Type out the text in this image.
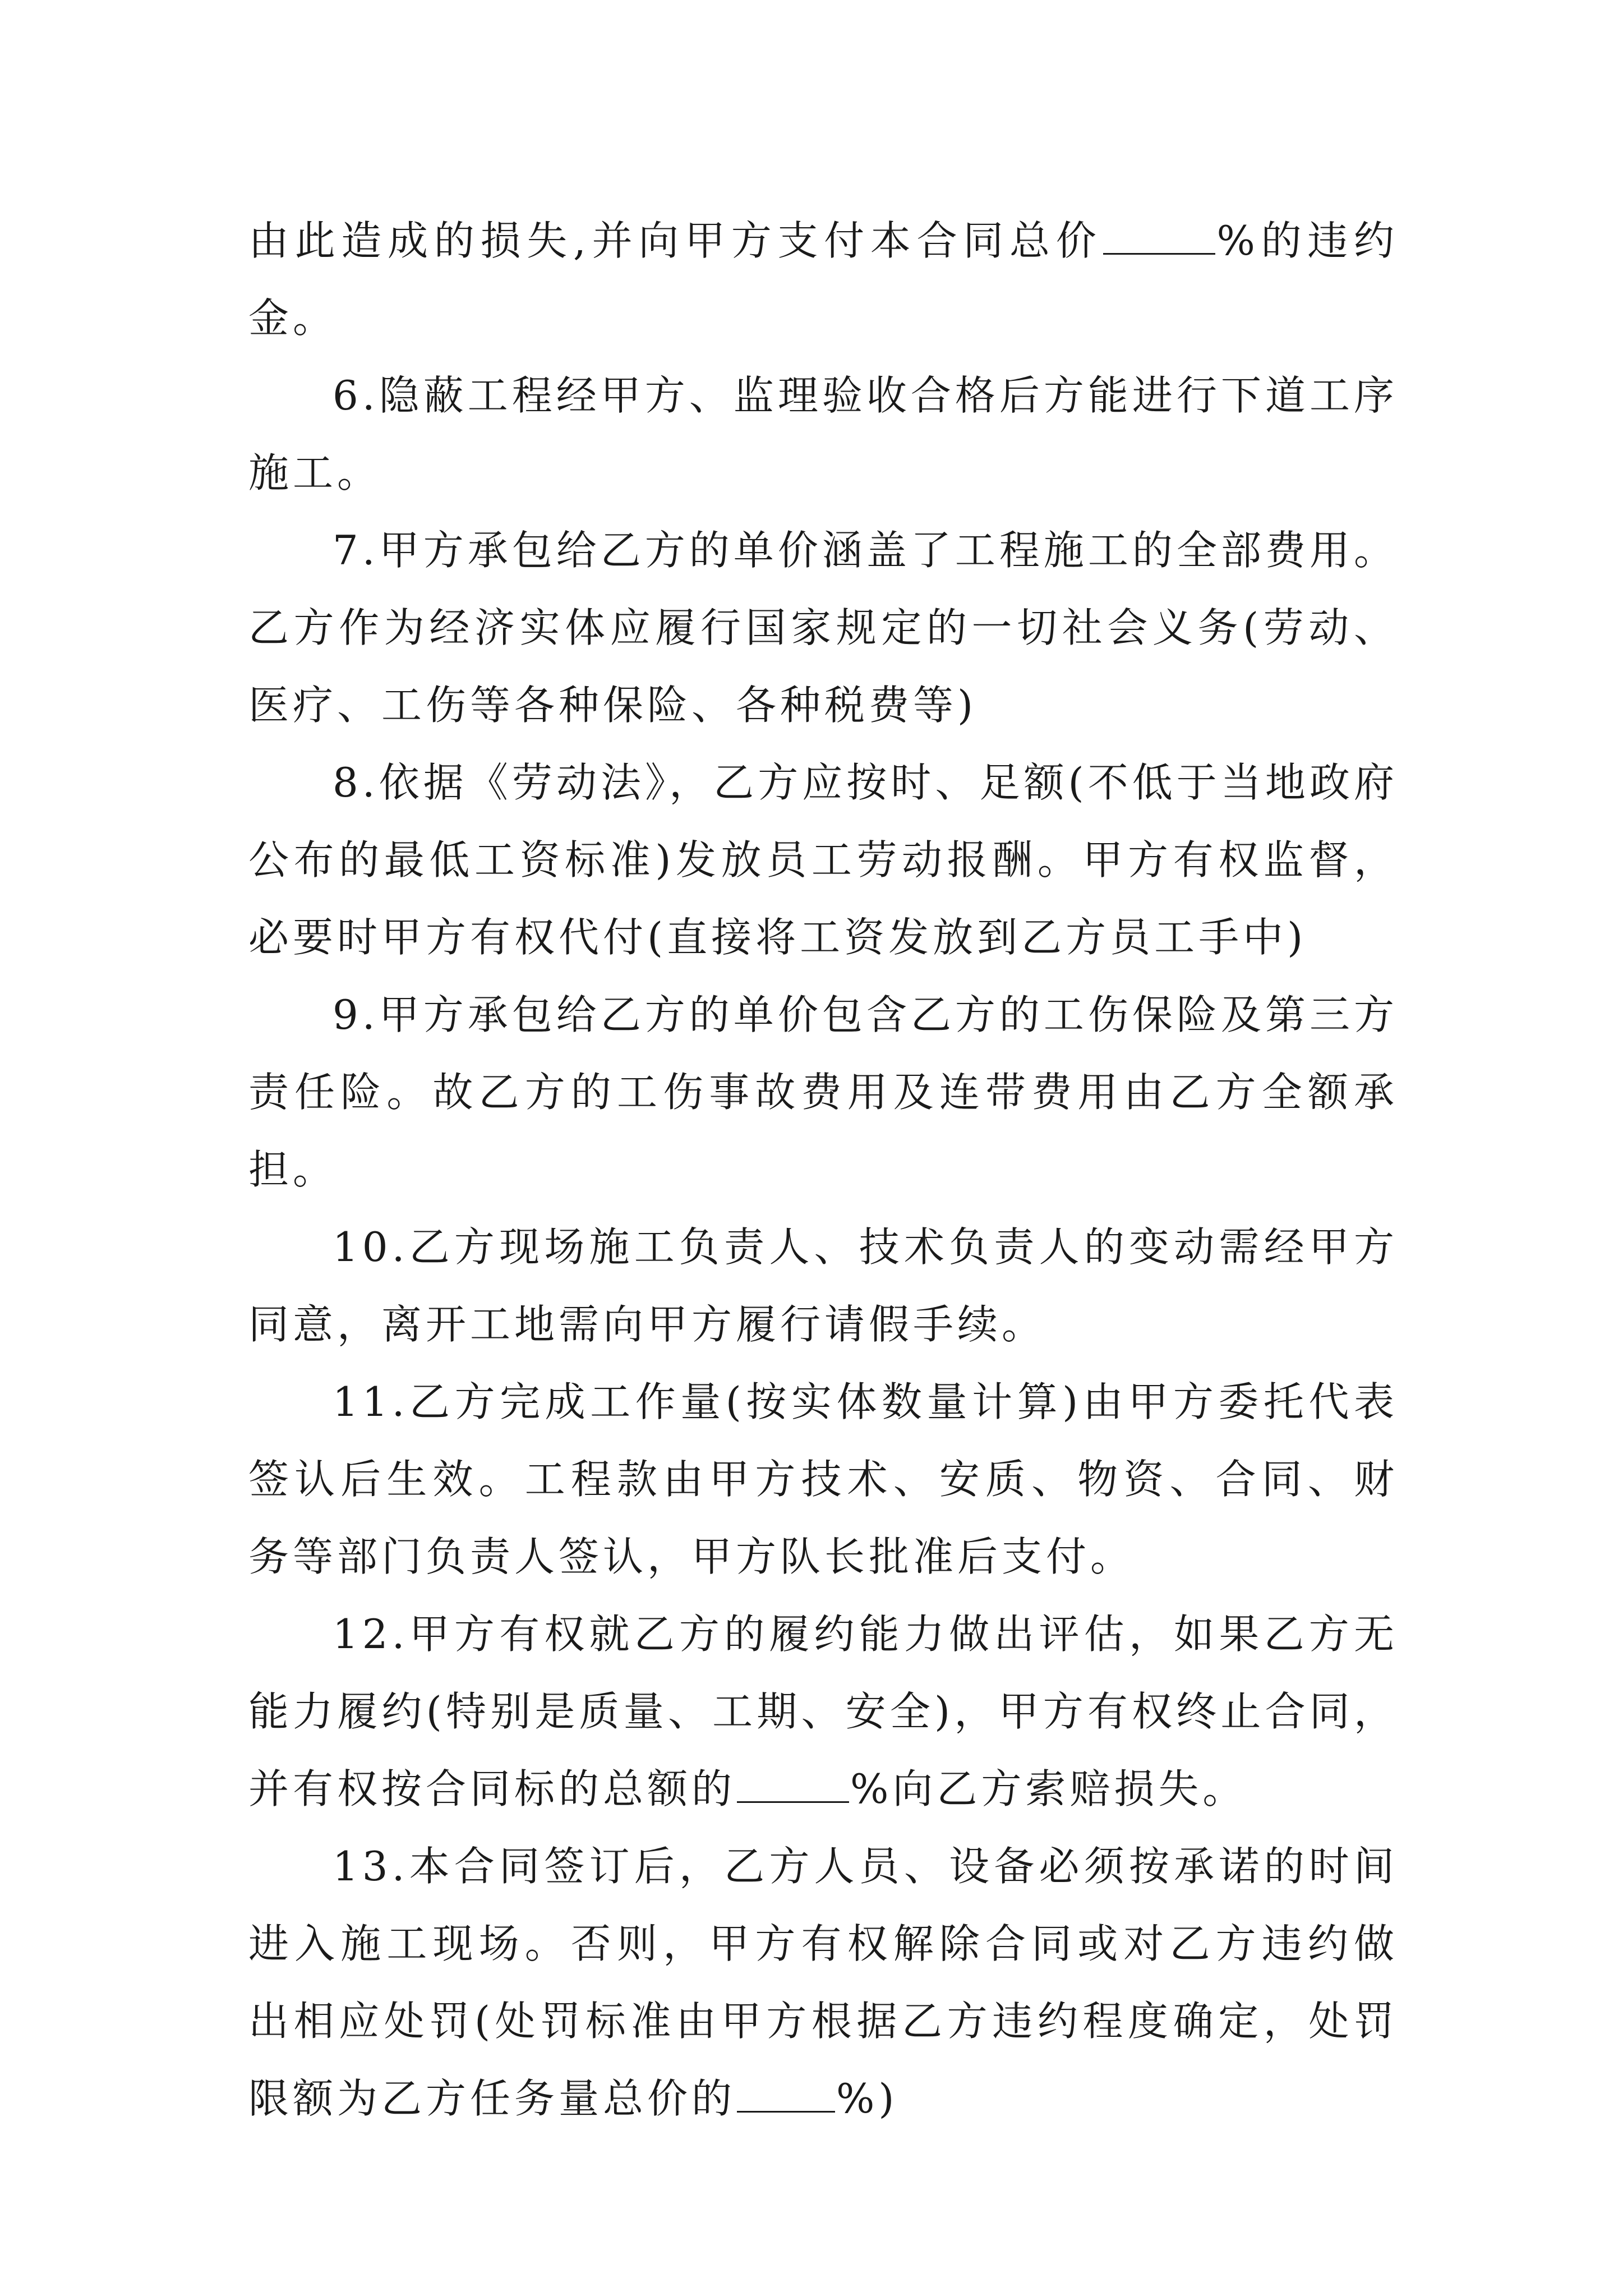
由此造成的损失,并向甲方支付本合同总价	%的违约金。

6.隐蔽工程经甲方、监理验收合格后方能进行下道工序施工。

7.甲方承包给乙方的单价涵盖了工程施工的全部费用。乙方作为经济实体应履行国家规定的一切社会义务(劳动、医疗、工伤等各种保险、各种税费等)

8.依据《劳动法》，乙方应按时、足额(不低于当地政府公布的最低工资标准)发放员工劳动报酬。甲方有权监督，必要时甲方有权代付(直接将工资发放到乙方员工手中)

9.甲方承包给乙方的单价包含乙方的工伤保险及第三方责任险。故乙方的工伤事故费用及连带费用由乙方全额承担。

10.乙方现场施工负责人、技术负责人的变动需经甲方同意，离开工地需向甲方履行请假手续。

11.乙方完成工作量(按实体数量计算)由甲方委托代表签认后生效。工程款由甲方技术、安质、物资、合同、财务等部门负责人签认，甲方队长批准后支付。

12.甲方有权就乙方的履约能力做出评估，如果乙方无能力履约(特别是质量、工期、安全)，甲方有权终止合同，并有权按合同标的总额的	%向乙方索赔损失。

13.本合同签订后，乙方人员、设备必须按承诺的时间进入施工现场。否则，甲方有权解除合同或对乙方违约做出相应处罚(处罚标准由甲方根据乙方违约程度确定，处罚限额为乙方任务量总价的 %)
